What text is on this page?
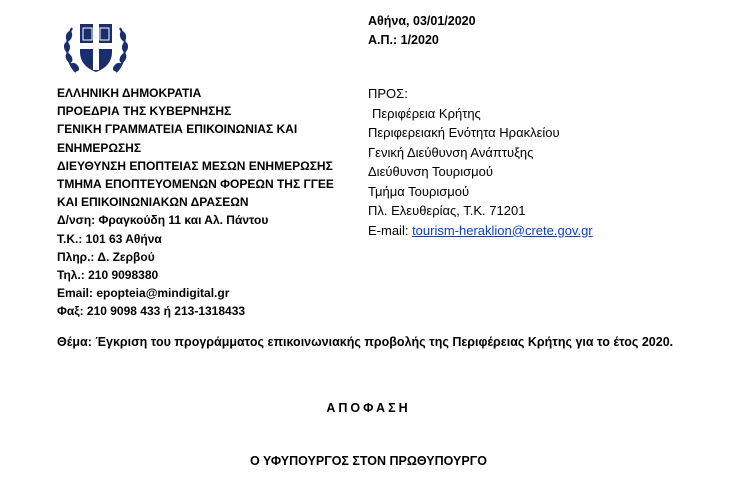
Αθήνα, 03/01/2020
Α.Π.: 1/2020
ΕΛΛΗΝΙΚΗ ΔΗΜΟΚΡΑΤΙΑ
ΠΡΟΕΔΡΙΑ ΤΗΣ ΚΥΒΕΡΝΗΣΗΣ
ΓΕΝΙΚΗ ΓΡΑΜΜΑΤΕΙΑ ΕΠΙΚΟΙΝΩΝΙΑΣ ΚΑΙ
ΕΝΗΜΕΡΩΣΗΣ
ΔΙΕΥΘΥΝΣΗ ΕΠΟΠΤΕΙΑΣ ΜΕΣΩΝ ΕΝΗΜΕΡΩΣΗΣ
ΤΜΗΜΑ ΕΠΟΠΤΕΥΟΜΕΝΩΝ ΦΟΡΕΩΝ ΤΗΣ ΓΓΕΕ
ΚΑΙ ΕΠΙΚΟΙΝΩΝΙΑΚΩΝ ΔΡΑΣΕΩΝ
Δ/νση: Φραγκούδη 11 και Αλ. Πάντου
Τ.Κ.: 101 63 Αθήνα
Πληρ.: Δ. Ζερβού
Τηλ.: 210 9098380
Email: epopteia@mindigital.gr
Φαξ: 210 9098 433 ή 213-1318433
ΠΡΟΣ:
Περιφέρεια Κρήτης
Περιφερειακή Ενότητα Ηρακλείου
Γενική Διεύθυνση Ανάπτυξης
Διεύθυνση Τουρισμού
Τμήμα Τουρισμού
Πλ. Ελευθερίας, Τ.Κ. 71201
E-mail: tourism-heraklion@crete.gov.gr
Θέμα: Έγκριση του προγράμματος επικοινωνιακής προβολής της Περιφέρειας Κρήτης για το έτος 2020.
ΑΠΟΦΑΣΗ
Ο ΥΦΥΠΟΥΡΓΟΣ ΣΤΟΝ ΠΡΩΘΥΠΟΥΡΓΟ
